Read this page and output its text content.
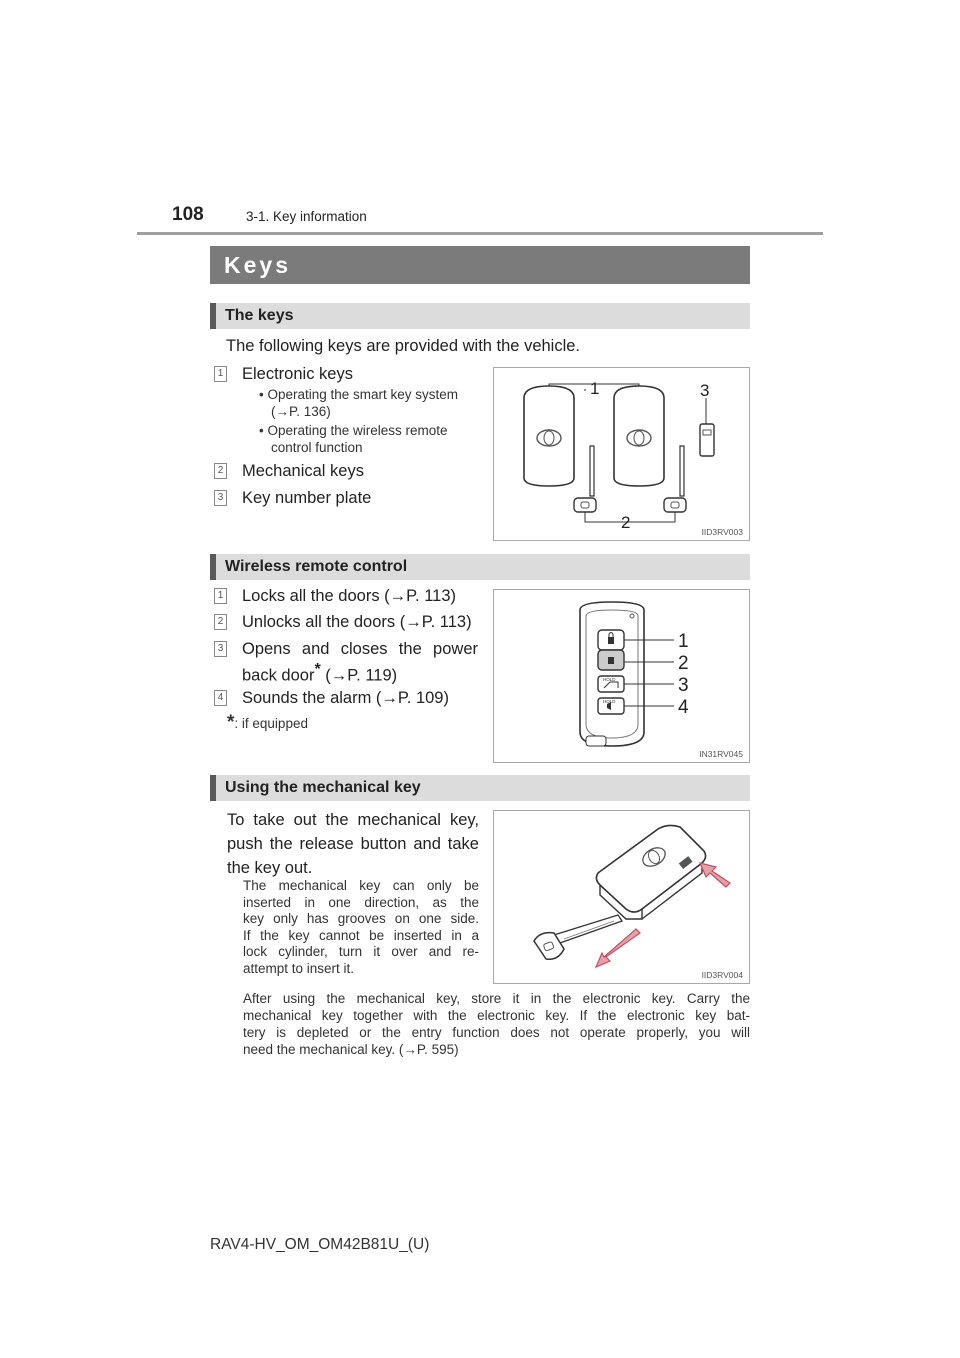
108	3-1. Key information
Keys
The keys
The following keys are provided with the vehicle.
1 Electronic keys
• Operating the smart key system
(→P. 136)
• Operating the wireless remote
control function
2 Mechanical keys
3 Key number plate
1
2
3
IID3RV003
Wireless remote control
1 Locks all the doors (→P. 113)
2 Unlocks all the doors (→P. 113)
3 Opens and closes the power
back door* (→P. 119)
4 Sounds the alarm (→P. 109)
*: if equipped
HOLD
HOLD
1
2
3
4
IN31RV045
Using the mechanical key
To take out the mechanical key,
push the release button and take
the key out.
The mechanical key can only be
inserted in one direction, as the
key only has grooves on one side.
If the key cannot be inserted in a
lock cylinder, turn it over and re-
attempt to insert it.	IID3RV004
After using the mechanical key, store it in the electronic key. Carry the
mechanical key together with the electronic key. If the electronic key bat-
tery is depleted or the entry function does not operate properly, you will
need the mechanical key. (→P. 595)
RAV4-HV_OM_OM42B81U_(U)
